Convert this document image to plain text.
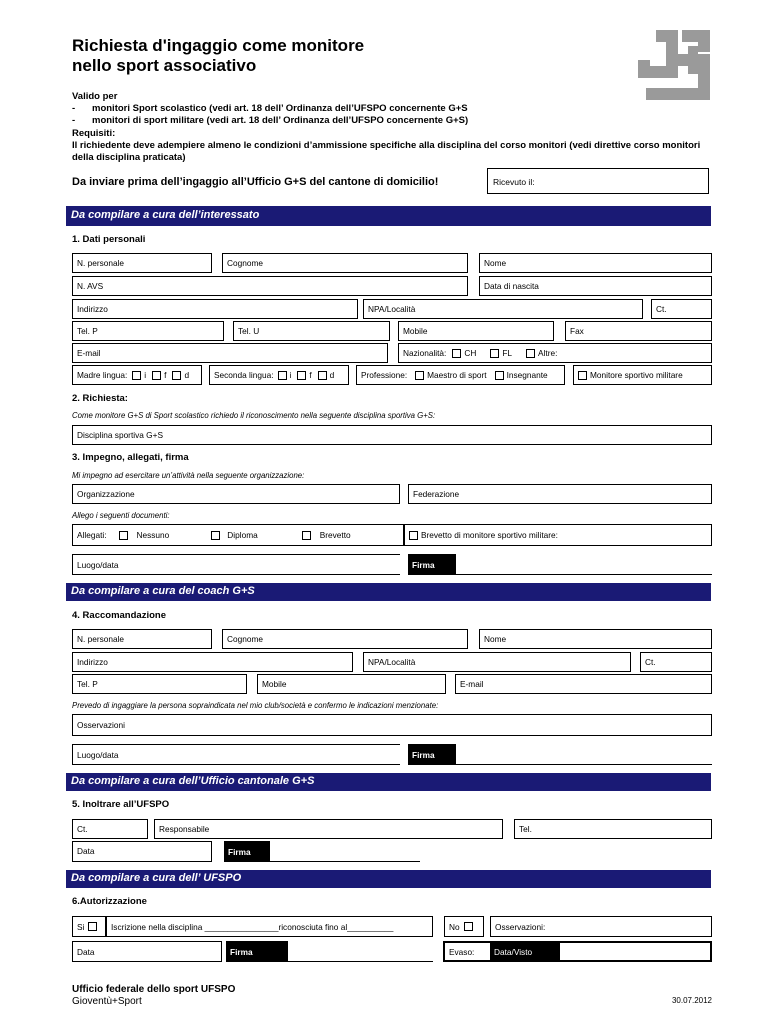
Richiesta d'ingaggio come monitore
nello sport associativo
Valido per
- monitori Sport scolastico (vedi art. 18 dell’ Ordinanza dell’UFSPO concernente G+S
- monitori di sport militare (vedi art. 18 dell’ Ordinanza dell’UFSPO concernente G+S)
Requisiti:
Il richiedente deve adempiere almeno le condizioni d’ammissione specifiche alla disciplina del corso monitori (vedi direttive corso monitori della disciplina praticata)
Da inviare prima dell’ingaggio all’Ufficio G+S del cantone di domicilio!	Ricevuto il:
Da compilare a cura dell’interessato
1. Dati personali
N. personale	Cognome	Nome
N. AVS	Data di nascita
Indirizzo	NPA/Località	Ct.
Tel. P	Tel. U	Mobile	Fax
E-mail	Nazionalità: CH	FL	Altre:
Madre lingua: i f d	Seconda lingua: i f d	Professione: Maestro di sport Insegnante	Monitore sportivo militare
2. Richiesta:
Come monitore G+S di Sport scolastico richiedo il riconoscimento nella seguente disciplina sportiva G+S:
Disciplina sportiva G+S
3. Impegno, allegati, firma
Mi impegno ad esercitare un’attività nella seguente organizzazione:
Organizzazione	Federazione
Allego i seguenti documenti:
Allegati:	Nessuno	Diploma	Brevetto	Brevetto di monitore sportivo militare:
Luogo/data	Firma
Da compilare a cura del coach G+S
4. Raccomandazione
N. personale	Cognome	Nome
Indirizzo	NPA/Località	Ct.
Tel. P	Mobile	E-mail
Prevedo di ingaggiare la persona sopraindicata nel mio club/società e confermo le indicazioni menzionate:
Osservazioni
Luogo/data	Firma
Da compilare a cura dell’Ufficio cantonale G+S
5. Inoltrare all’UFSPO
Ct.	Responsabile	Tel.
Data	Firma
Da compilare a cura dell’ UFSPO
6.Autorizzazione
Si	Iscrizione nella disciplina ________________riconosciuta fino al__________	No	Osservazioni:
Data	Firma	Evaso:	Data/Visto
Ufficio federale dello sport UFSPO
Gioventù+Sport	30.07.2012
